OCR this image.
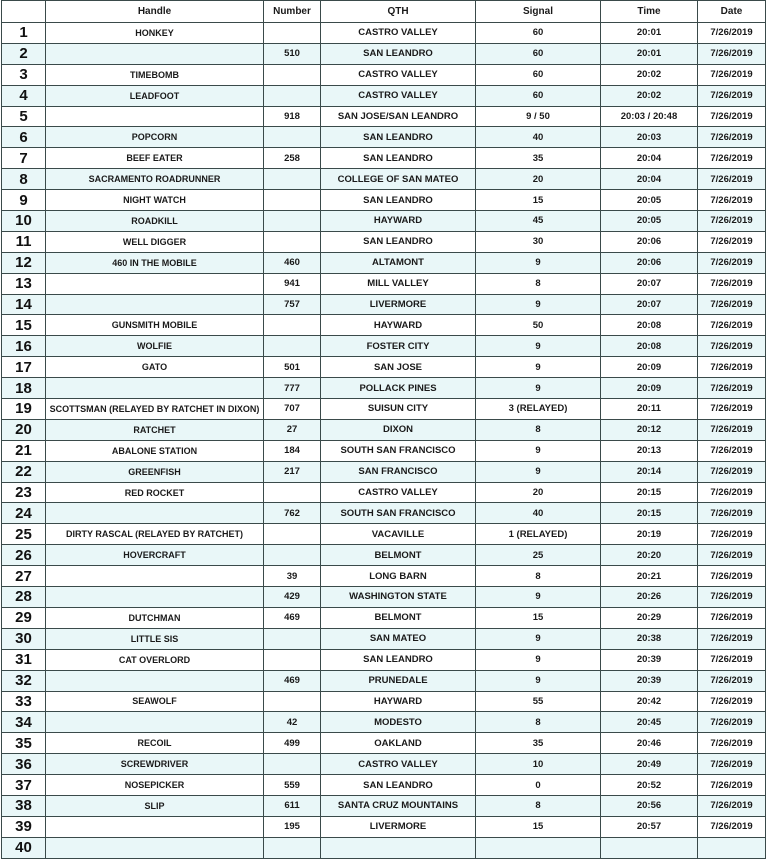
	Handle	Number	QTH	Signal	Time	Date
1	HONKEY		CASTRO VALLEY	60	20:01	7/26/2019
2		510	SAN LEANDRO	60	20:01	7/26/2019
3	TIMEBOMB		CASTRO VALLEY	60	20:02	7/26/2019
4	LEADFOOT		CASTRO VALLEY	60	20:02	7/26/2019
5		918	SAN JOSE/SAN LEANDRO	9 / 50	20:03 / 20:48	7/26/2019
6	POPCORN		SAN LEANDRO	40	20:03	7/26/2019
7	BEEF EATER	258	SAN LEANDRO	35	20:04	7/26/2019
8	SACRAMENTO ROADRUNNER		COLLEGE OF SAN MATEO	20	20:04	7/26/2019
9	NIGHT WATCH		SAN LEANDRO	15	20:05	7/26/2019
10	ROADKILL		HAYWARD	45	20:05	7/26/2019
11	WELL DIGGER		SAN LEANDRO	30	20:06	7/26/2019
12	460 IN THE MOBILE	460	ALTAMONT	9	20:06	7/26/2019
13		941	MILL VALLEY	8	20:07	7/26/2019
14		757	LIVERMORE	9	20:07	7/26/2019
15	GUNSMITH MOBILE		HAYWARD	50	20:08	7/26/2019
16	WOLFIE		FOSTER CITY	9	20:08	7/26/2019
17	GATO	501	SAN JOSE	9	20:09	7/26/2019
18		777	POLLACK PINES	9	20:09	7/26/2019
19	SCOTTSMAN (RELAYED BY RATCHET IN DIXON)	707	SUISUN CITY	3 (RELAYED)	20:11	7/26/2019
20	RATCHET	27	DIXON	8	20:12	7/26/2019
21	ABALONE STATION	184	SOUTH SAN FRANCISCO	9	20:13	7/26/2019
22	GREENFISH	217	SAN FRANCISCO	9	20:14	7/26/2019
23	RED ROCKET		CASTRO VALLEY	20	20:15	7/26/2019
24		762	SOUTH SAN FRANCISCO	40	20:15	7/26/2019
25	DIRTY RASCAL (RELAYED BY RATCHET)		VACAVILLE	1 (RELAYED)	20:19	7/26/2019
26	HOVERCRAFT		BELMONT	25	20:20	7/26/2019
27		39	LONG BARN	8	20:21	7/26/2019
28		429	WASHINGTON STATE	9	20:26	7/26/2019
29	DUTCHMAN	469	BELMONT	15	20:29	7/26/2019
30	LITTLE SIS		SAN MATEO	9	20:38	7/26/2019
31	CAT OVERLORD		SAN LEANDRO	9	20:39	7/26/2019
32		469	PRUNEDALE	9	20:39	7/26/2019
33	SEAWOLF		HAYWARD	55	20:42	7/26/2019
34		42	MODESTO	8	20:45	7/26/2019
35	RECOIL	499	OAKLAND	35	20:46	7/26/2019
36	SCREWDRIVER		CASTRO VALLEY	10	20:49	7/26/2019
37	NOSEPICKER	559	SAN LEANDRO	0	20:52	7/26/2019
38	SLIP	611	SANTA CRUZ MOUNTAINS	8	20:56	7/26/2019
39		195	LIVERMORE	15	20:57	7/26/2019
40						
